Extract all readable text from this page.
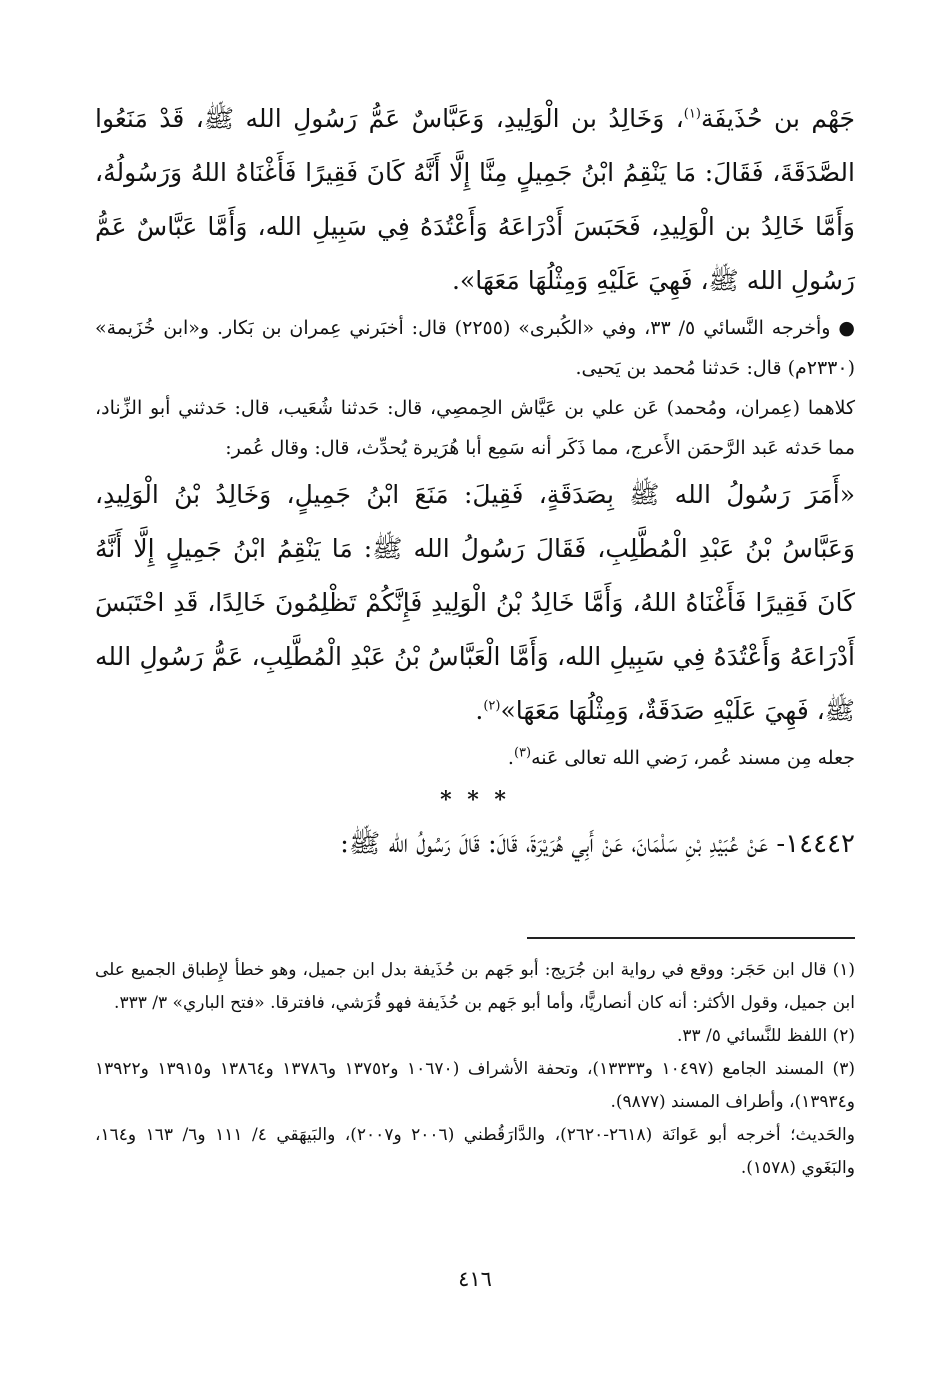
جَهْم بن حُذَيفَة$^{(١)}$، وَخَالِدُ بن الْوَلِيدِ، وَعَبَّاسٌ عَمُّ رَسُولِ الله ﷺ، قَدْ مَنَعُوا الصَّدَقَةَ، فَقَالَ: مَا يَنْقِمُ ابْنُ جَمِيلٍ مِنَّا إِلَّا أَنَّهُ كَانَ فَقِيرًا فَأَغْنَاهُ اللهُ وَرَسُولُهُ، وَأَمَّا خَالِدُ بن الْوَلِيدِ، فَحَبَسَ أَدْرَاعَهُ وَأَعْتُدَهُ فِي سَبِيلِ الله، وَأَمَّا عَبَّاسٌ عَمُّ رَسُولِ الله ﷺ، فَهِيَ عَلَيْهِ وَمِثْلُهَا مَعَهَا».

●وأخرجه النَّسائي ٥/ ٣٣، وفي «الكُبرى» (٢٢٥٥) قال: أخبَرني عِمران بن بَكار. و«ابن خُزَيمة» (٢٣٣٠م) قال: حَدثنا مُحمد بن يَحيى.

كلاهما (عِمران، ومُحمد) عَن علي بن عَيَّاش الحِمصِي، قال: حَدثنا شُعَيب، قال: حَدثني أبو الزِّناد، مما حَدثه عَبد الرَّحمَن الأَعرج، مما ذَكَر أنه سَمِع أبا هُرَيرة يُحدِّث، قال: وقال عُمر:

«أَمَرَ رَسُولُ الله ﷺ بِصَدَقَةٍ، فَقِيلَ: مَنَعَ ابْنُ جَمِيلٍ، وَخَالِدُ بْنُ الْوَلِيدِ، وَعَبَّاسُ بْنُ عَبْدِ الْمُطَّلِبِ، فَقَالَ رَسُولُ الله ﷺ: مَا يَنْقِمُ ابْنُ جَمِيلٍ إِلَّا أَنَّهُ كَانَ فَقِيرًا فَأَغْنَاهُ اللهُ، وَأَمَّا خَالِدُ بْنُ الْوَلِيدِ فَإِنَّكُمْ تَظْلِمُونَ خَالِدًا، قَدِ احْتَبَسَ أَدْرَاعَهُ وَأَعْتُدَهُ فِي سَبِيلِ الله، وَأَمَّا الْعَبَّاسُ بْنُ عَبْدِ الْمُطَّلِبِ، عَمُّ رَسُولِ الله ﷺ، فَهِيَ عَلَيْهِ صَدَقَةٌ، وَمِثْلُهَا مَعَهَا»$^{(٢)}$.

جعله مِن مسند عُمر، رَضي الله تعالى عَنه$^{(٣)}$.

* * *

١٤٤٤٢- عَنْ عُبَيْدِ بْنِ سَلْمَانَ، عَنْ أَبِي هُرَيْرَةَ، قَالَ: قَالَ رَسُولُ الله ﷺ:

(١) قال ابن حَجَر: ووقع في رواية ابن جُرَيج: أبو جَهم بن حُذَيفة بدل ابن جميل، وهو خطأ لإِطباق الجميع على ابن جميل، وقول الأكثر: أنه كان أنصاريًّا، وأما أبو جَهم بن حُذَيفة فهو قُرَشي، فافترقا. «فتح الباري» ٣/ ٣٣٣.

(٢) اللفظ للنَّسائي ٥/ ٣٣.

(٣) المسند الجامع (١٠٤٩٧ و١٣٣٣٣)، وتحفة الأشراف (١٠٦٧٠ و١٣٧٥٢ و١٣٧٨٦ و١٣٨٦٤ و١٣٩١٥ و١٣٩٢٢ و١٣٩٣٤)، وأطراف المسند (٩٨٧٧).

والحَديث؛ أخرجه أبو عَوانَة (٢٦١٨-٢٦٢٠)، والدَّارَقُطني (٢٠٠٦ و٢٠٠٧)، والبَيهَقي ٤/ ١١١ و٦/ ١٦٣ و١٦٤، والبَغَوي (١٥٧٨).

٤١٦
